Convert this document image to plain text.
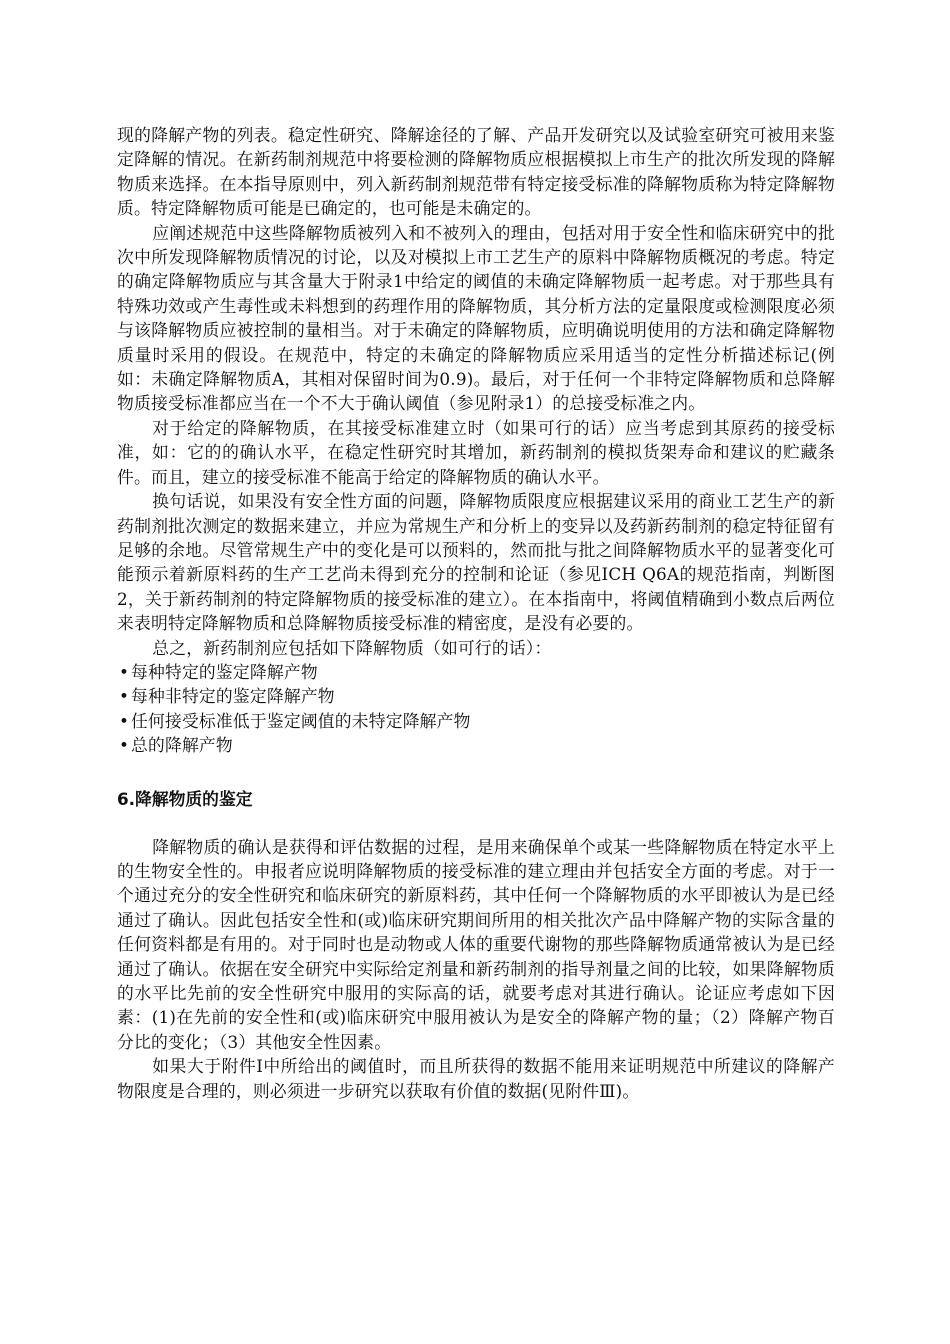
现的降解产物的列表。稳定性研究、降解途径的了解、产品开发研究以及试验室研究可被用来鉴定降解的情况。在新药制剂规范中将要检测的降解物质应根据模拟上市生产的批次所发现的降解物质来选择。在本指导原则中，列入新药制剂规范带有特定接受标准的降解物质称为特定降解物质。特定降解物质可能是已确定的，也可能是未确定的。

应阐述规范中这些降解物质被列入和不被列入的理由，包括对用于安全性和临床研究中的批次中所发现降解物质情况的讨论，以及对模拟上市工艺生产的原料中降解物质概况的考虑。特定的确定降解物质应与其含量大于附录1中给定的阈值的未确定降解物质一起考虑。对于那些具有特殊功效或产生毒性或未料想到的药理作用的降解物质，其分析方法的定量限度或检测限度必须与该降解物质应被控制的量相当。对于未确定的降解物质，应明确说明使用的方法和确定降解物质量时采用的假设。在规范中，特定的未确定的降解物质应采用适当的定性分析描述标记(例如：未确定降解物质A，其相对保留时间为0.9)。最后，对于任何一个非特定降解物质和总降解物质接受标准都应当在一个不大于确认阈值（参见附录1）的总接受标准之内。

对于给定的降解物质，在其接受标准建立时（如果可行的话）应当考虑到其原药的接受标准，如：它的的确认水平，在稳定性研究时其增加，新药制剂的模拟货架寿命和建议的贮藏条件。而且，建立的接受标准不能高于给定的降解物质的确认水平。

换句话说，如果没有安全性方面的问题，降解物质限度应根据建议采用的商业工艺生产的新药制剂批次测定的数据来建立，并应为常规生产和分析上的变异以及药新药制剂的稳定特征留有足够的余地。尽管常规生产中的变化是可以预料的，然而批与批之间降解物质水平的显著变化可能预示着新原料药的生产工艺尚未得到充分的控制和论证（参见ICH Q6A的规范指南，判断图2，关于新药制剂的特定降解物质的接受标准的建立）。在本指南中，将阈值精确到小数点后两位来表明特定降解物质和总降解物质接受标准的精密度，是没有必要的。

总之，新药制剂应包括如下降解物质（如可行的话）：

• 每种特定的鉴定降解产物
• 每种非特定的鉴定降解产物
• 任何接受标准低于鉴定阈值的未特定降解产物
• 总的降解产物
6.降解物质的鉴定

降解物质的确认是获得和评估数据的过程，是用来确保单个或某一些降解物质在特定水平上的生物安全性的。申报者应说明降解物质的接受标准的建立理由并包括安全方面的考虑。对于一个通过充分的安全性研究和临床研究的新原料药，其中任何一个降解物质的水平即被认为是已经通过了确认。因此包括安全性和(或)临床研究期间所用的相关批次产品中降解产物的实际含量的任何资料都是有用的。对于同时也是动物或人体的重要代谢物的那些降解物质通常被认为是已经通过了确认。依据在安全研究中实际给定剂量和新药制剂的指导剂量之间的比较，如果降解物质的水平比先前的安全性研究中服用的实际高的话，就要考虑对其进行确认。论证应考虑如下因素：(1)在先前的安全性和(或)临床研究中服用被认为是安全的降解产物的量；（2）降解产物百分比的变化；（3）其他安全性因素。

如果大于附件Ⅰ中所给出的阈值时，而且所获得的数据不能用来证明规范中所建议的降解产物限度是合理的，则必须进一步研究以获取有价值的数据(见附件Ⅲ)。
